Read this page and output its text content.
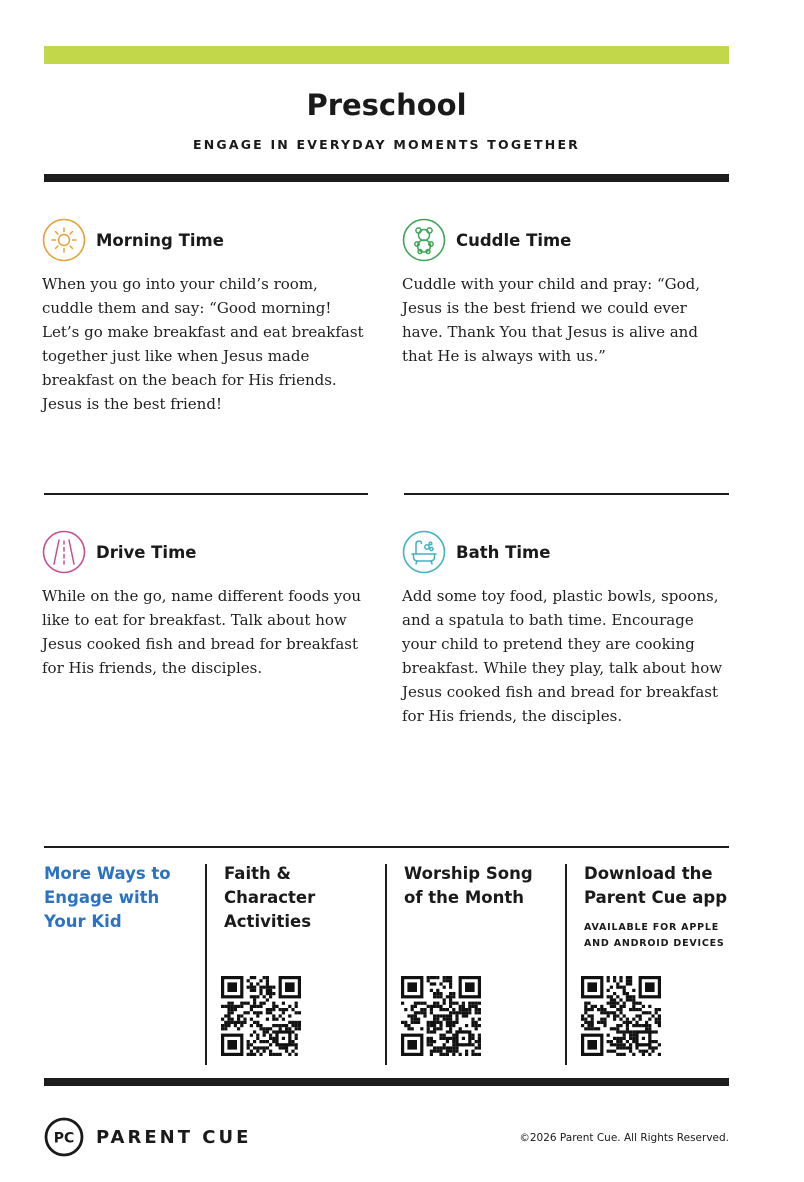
Preschool
ENGAGE IN EVERYDAY MOMENTS TOGETHER
Morning Time

When you go into your child’s room, cuddle them and say: “Good morning! Let’s go make breakfast and eat breakfast together just like when Jesus made breakfast on the beach for His friends. Jesus is the best friend!

Cuddle Time

Cuddle with your child and pray: “God, Jesus is the best friend we could ever have. Thank You that Jesus is alive and that He is always with us.”

Drive Time

While on the go, name different foods you like to eat for breakfast. Talk about how Jesus cooked fish and bread for breakfast for His friends, the disciples.

Bath Time

Add some toy food, plastic bowls, spoons, and a spatula to bath time. Encourage your child to pretend they are cooking breakfast. While they play, talk about how Jesus cooked fish and bread for breakfast for His friends, the disciples.

More Ways to Engage with Your Kid
Faith & Character Activities
Worship Song of the Month
Download the Parent Cue app
AVAILABLE FOR APPLE AND ANDROID DEVICES
PC PARENT CUE	©2026 Parent Cue. All Rights Reserved.
